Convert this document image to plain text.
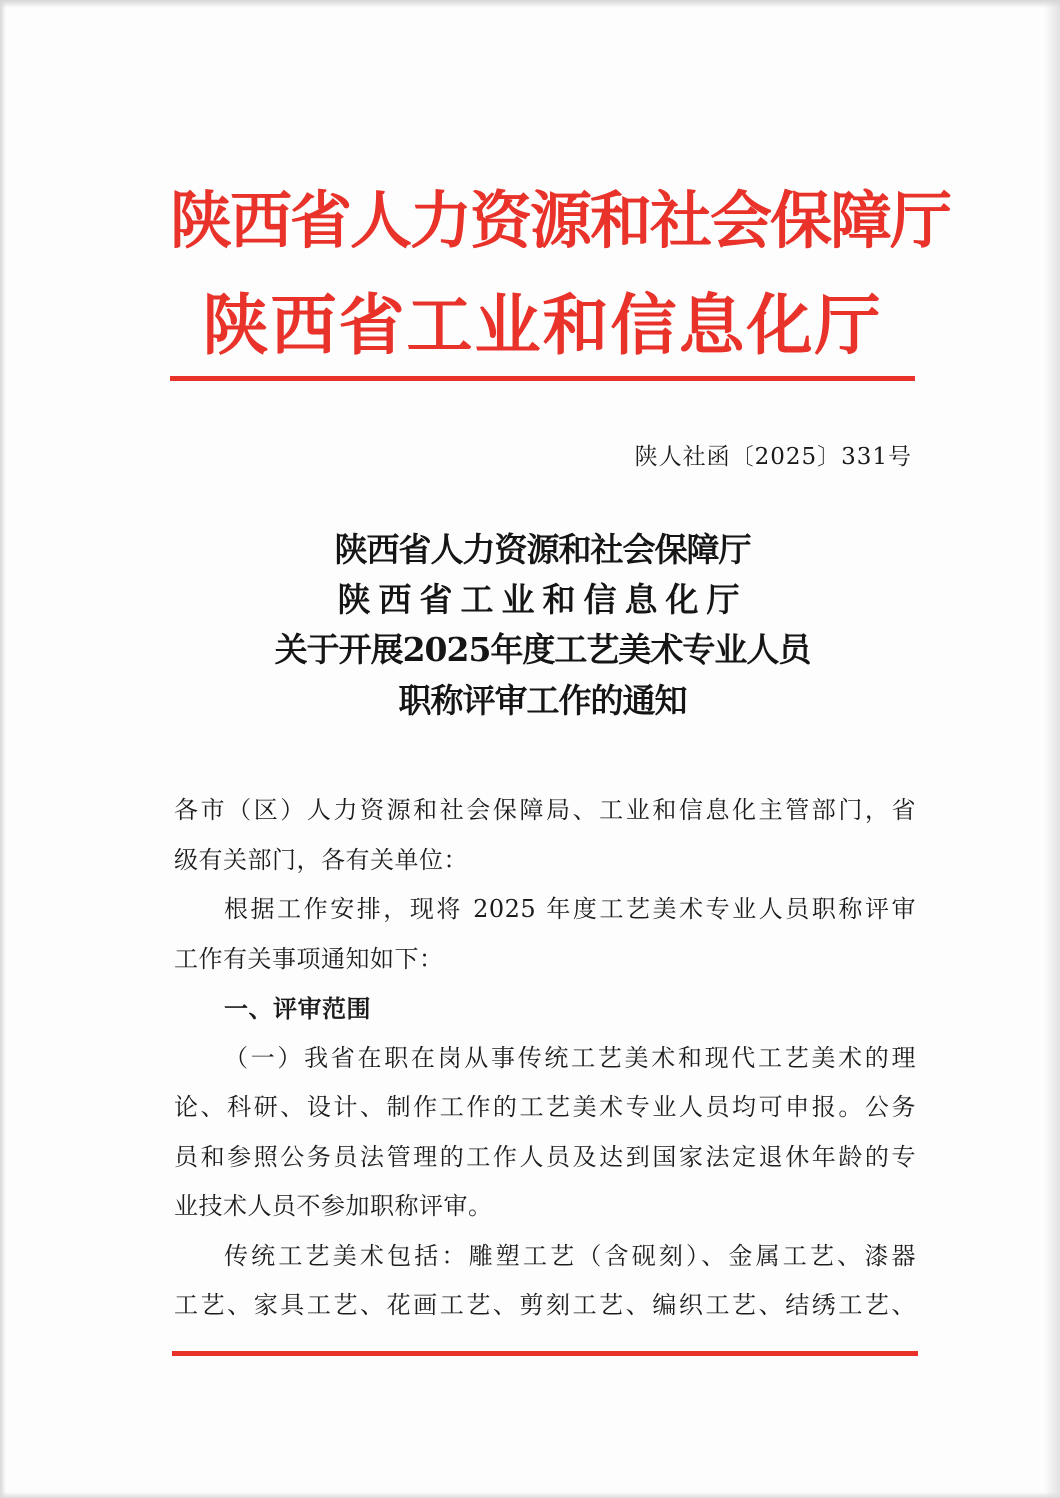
陕西省人力资源和社会保障厅
陕西省工业和信息化厅
陕人社函〔2025〕331号
陕西省人力资源和社会保障厅
陕西省工业和信息化厅
关于开展2025年度工艺美术专业人员
职称评审工作的通知

各市（区）人力资源和社会保障局、工业和信息化主管部门，省
级有关部门，各有关单位：

根据工作安排，现将 2025 年度工艺美术专业人员职称评审
工作有关事项通知如下：

一、评审范围

（一）我省在职在岗从事传统工艺美术和现代工艺美术的理
论、科研、设计、制作工作的工艺美术专业人员均可申报。公务
员和参照公务员法管理的工作人员及达到国家法定退休年龄的专
业技术人员不参加职称评审。

传统工艺美术包括：雕塑工艺（含砚刻）、金属工艺、漆器
工艺、家具工艺、花画工艺、剪刻工艺、编织工艺、结绣工艺、
